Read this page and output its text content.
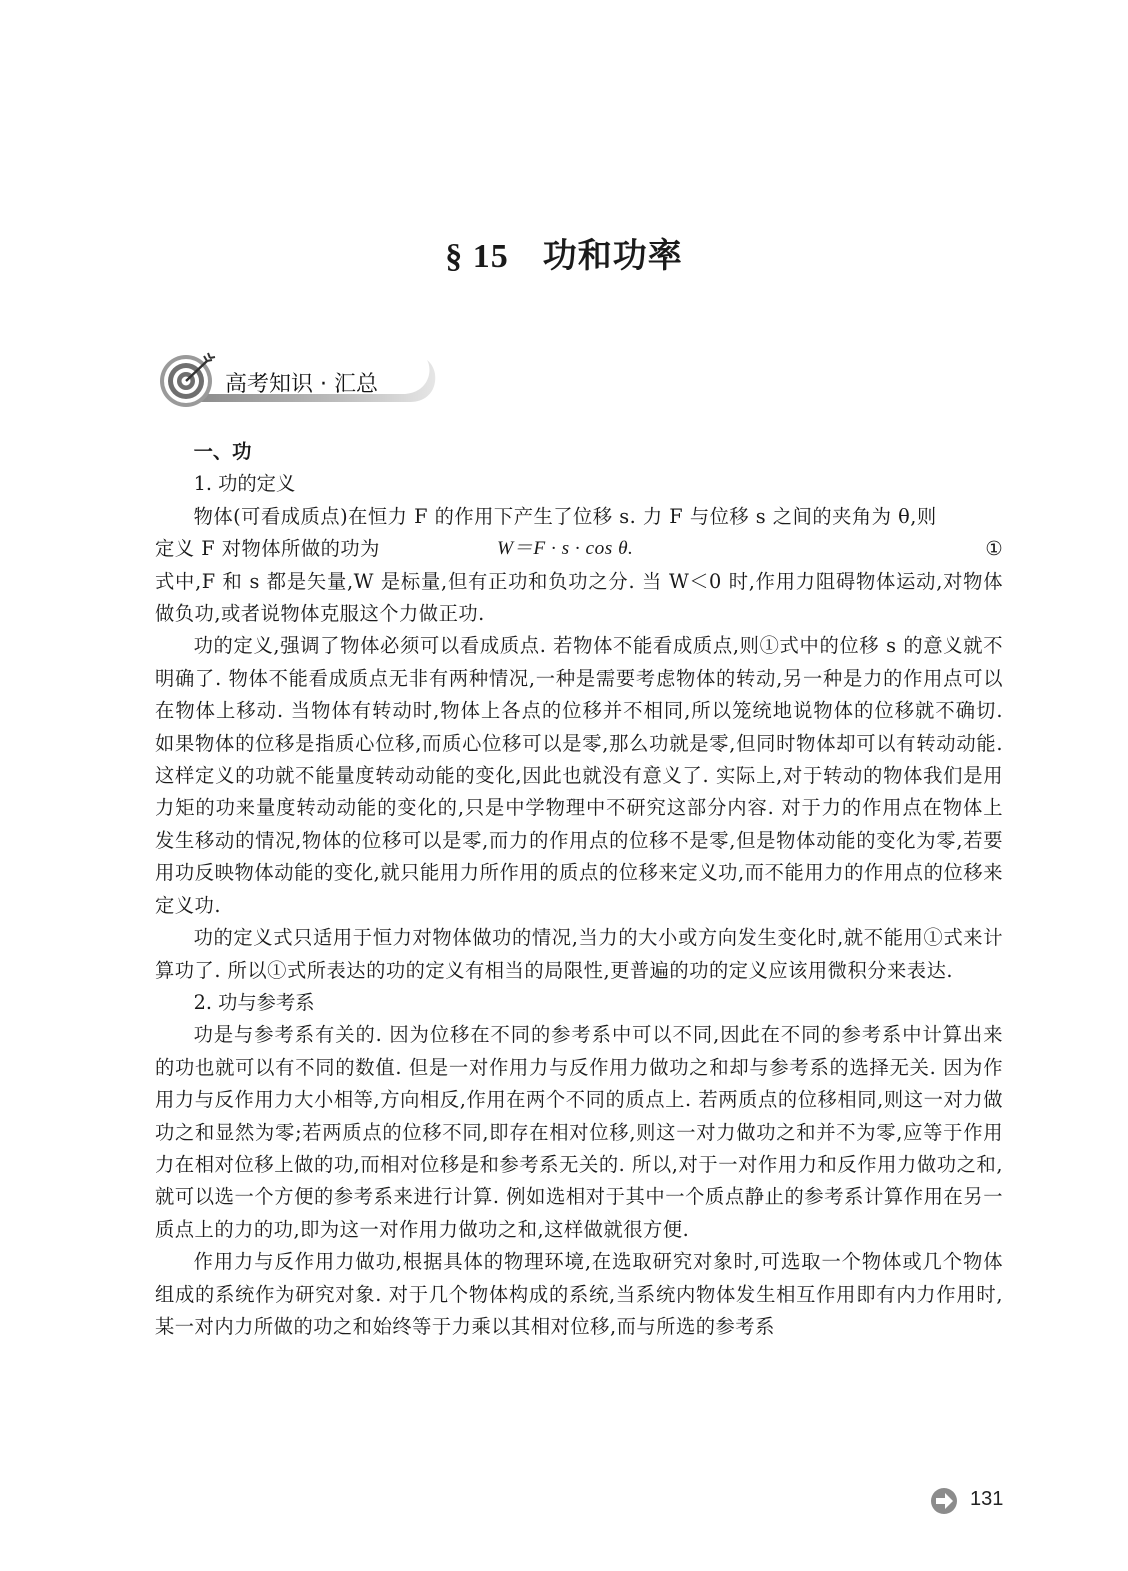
§ 15 功和功率
高考知识 · 汇总

一、功

1. 功的定义

物体(可看成质点)在恒力 F 的作用下产生了位移 s. 力 F 与位移 s 之间的夹角为 θ,则

定义 F 对物体所做的功为	W＝F · s · cos θ.	①

式中,F 和 s 都是矢量,W 是标量,但有正功和负功之分. 当 W＜0 时,作用力阻碍物体运动,对物体做负功,或者说物体克服这个力做正功.

功的定义,强调了物体必须可以看成质点. 若物体不能看成质点,则①式中的位移 s 的意义就不明确了. 物体不能看成质点无非有两种情况,一种是需要考虑物体的转动,另一种是力的作用点可以在物体上移动. 当物体有转动时,物体上各点的位移并不相同,所以笼统地说物体的位移就不确切. 如果物体的位移是指质心位移,而质心位移可以是零,那么功就是零,但同时物体却可以有转动动能. 这样定义的功就不能量度转动动能的变化,因此也就没有意义了. 实际上,对于转动的物体我们是用力矩的功来量度转动动能的变化的,只是中学物理中不研究这部分内容. 对于力的作用点在物体上发生移动的情况,物体的位移可以是零,而力的作用点的位移不是零,但是物体动能的变化为零,若要用功反映物体动能的变化,就只能用力所作用的质点的位移来定义功,而不能用力的作用点的位移来定义功.

功的定义式只适用于恒力对物体做功的情况,当力的大小或方向发生变化时,就不能用①式来计算功了. 所以①式所表达的功的定义有相当的局限性,更普遍的功的定义应该用微积分来表达.

2. 功与参考系

功是与参考系有关的. 因为位移在不同的参考系中可以不同,因此在不同的参考系中计算出来的功也就可以有不同的数值. 但是一对作用力与反作用力做功之和却与参考系的选择无关. 因为作用力与反作用力大小相等,方向相反,作用在两个不同的质点上. 若两质点的位移相同,则这一对力做功之和显然为零;若两质点的位移不同,即存在相对位移,则这一对力做功之和并不为零,应等于作用力在相对位移上做的功,而相对位移是和参考系无关的. 所以,对于一对作用力和反作用力做功之和,就可以选一个方便的参考系来进行计算. 例如选相对于其中一个质点静止的参考系计算作用在另一质点上的力的功,即为这一对作用力做功之和,这样做就很方便.

作用力与反作用力做功,根据具体的物理环境,在选取研究对象时,可选取一个物体或几个物体组成的系统作为研究对象. 对于几个物体构成的系统,当系统内物体发生相互作用即有内力作用时,某一对内力所做的功之和始终等于力乘以其相对位移,而与所选的参考系

131
